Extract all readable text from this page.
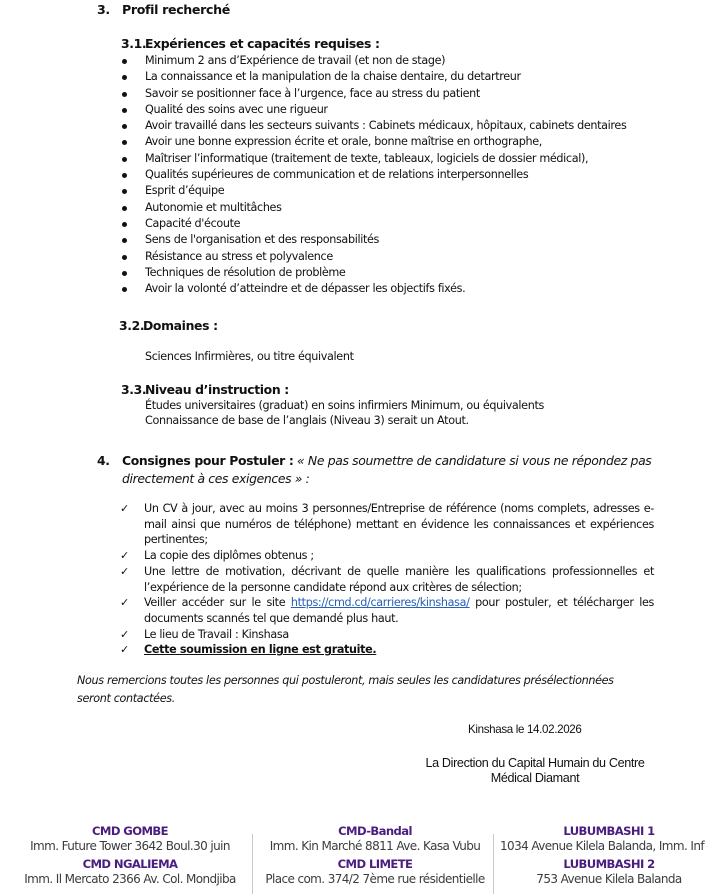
3. Profil recherché
3.1.Expériences et capacités requises :
Minimum 2 ans d’Expérience de travail (et non de stage)
La connaissance et la manipulation de la chaise dentaire, du detartreur
Savoir se positionner face à l’urgence, face au stress du patient
Qualité des soins avec une rigueur
Avoir travaillé dans les secteurs suivants : Cabinets médicaux, hôpitaux, cabinets dentaires
Avoir une bonne expression écrite et orale, bonne maîtrise en orthographe,
Maîtriser l’informatique (traitement de texte, tableaux, logiciels de dossier médical),
Qualités supérieures de communication et de relations interpersonnelles
Esprit d’équipe
Autonomie et multitâches
Capacité d'écoute
Sens de l'organisation et des responsabilités
Résistance au stress et polyvalence
Techniques de résolution de problème
Avoir la volonté d’atteindre et de dépasser les objectifs fixés.
3.2.Domaines :
Sciences Infirmières, ou titre équivalent
3.3.Niveau d’instruction :
Études universitaires (graduat) en soins infirmiers Minimum, ou équivalents
Connaissance de base de l’anglais (Niveau 3) serait un Atout.
4. Consignes pour Postuler : « Ne pas soumettre de candidature si vous ne répondez pas
directement à ces exigences » :
✓ Un CV à jour, avec au moins 3 personnes/Entreprise de référence (noms complets, adresses e-mail ainsi que numéros de téléphone) mettant en évidence les connaissances et expériences pertinentes;
✓ La copie des diplômes obtenus ;
✓ Une lettre de motivation, décrivant de quelle manière les qualifications professionnelles et l’expérience de la personne candidate répond aux critères de sélection;
✓ Veiller accéder sur le site https://cmd.cd/carrieres/kinshasa/ pour postuler, et télécharger les documents scannés tel que demandé plus haut.
✓ Le lieu de Travail : Kinshasa
✓ Cette soumission en ligne est gratuite.
Nous remercions toutes les personnes qui postuleront, mais seules les candidatures présélectionnées seront contactées.
Kinshasa le 14.02.2026
La Direction du Capital Humain du Centre
Médical Diamant
CMD GOMBE
Imm. Future Tower 3642 Boul.30 juin
CMD NGALIEMA
Imm. Il Mercato 2366 Av. Col. Mondjiba
CMD-Bandal
Imm. Kin Marché 8811 Ave. Kasa Vubu
CMD LIMETE
Place com. 374/2 7ème rue résidentielle
LUBUMBASHI 1
1034 Avenue Kilela Balanda, Imm. Inf
LUBUMBASHI 2
753 Avenue Kilela Balanda
